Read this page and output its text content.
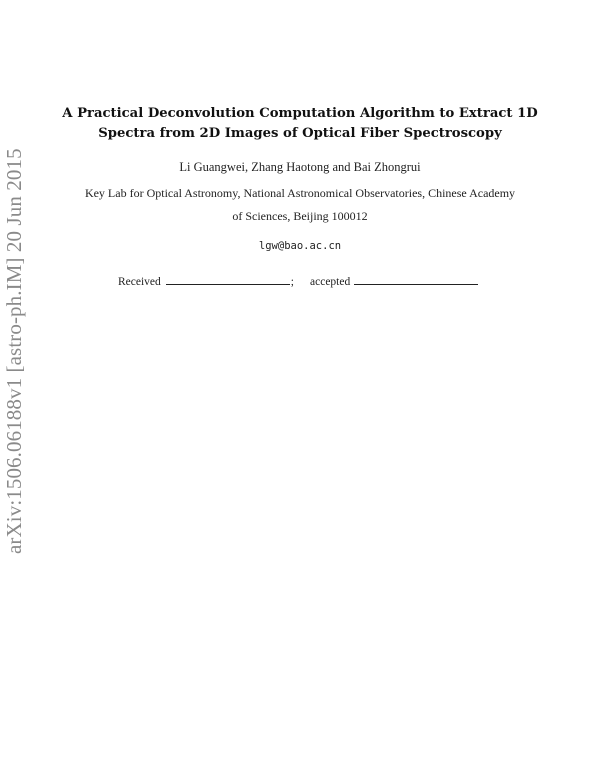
arXiv:1506.06188v1 [astro-ph.IM] 20 Jun 2015
A Practical Deconvolution Computation Algorithm to Extract 1D
Spectra from 2D Images of Optical Fiber Spectroscopy
Li Guangwei, Zhang Haotong and Bai Zhongrui
Key Lab for Optical Astronomy, National Astronomical Observatories, Chinese Academy
of Sciences, Beijing 100012
lgw@bao.ac.cn
Received	; accepted
